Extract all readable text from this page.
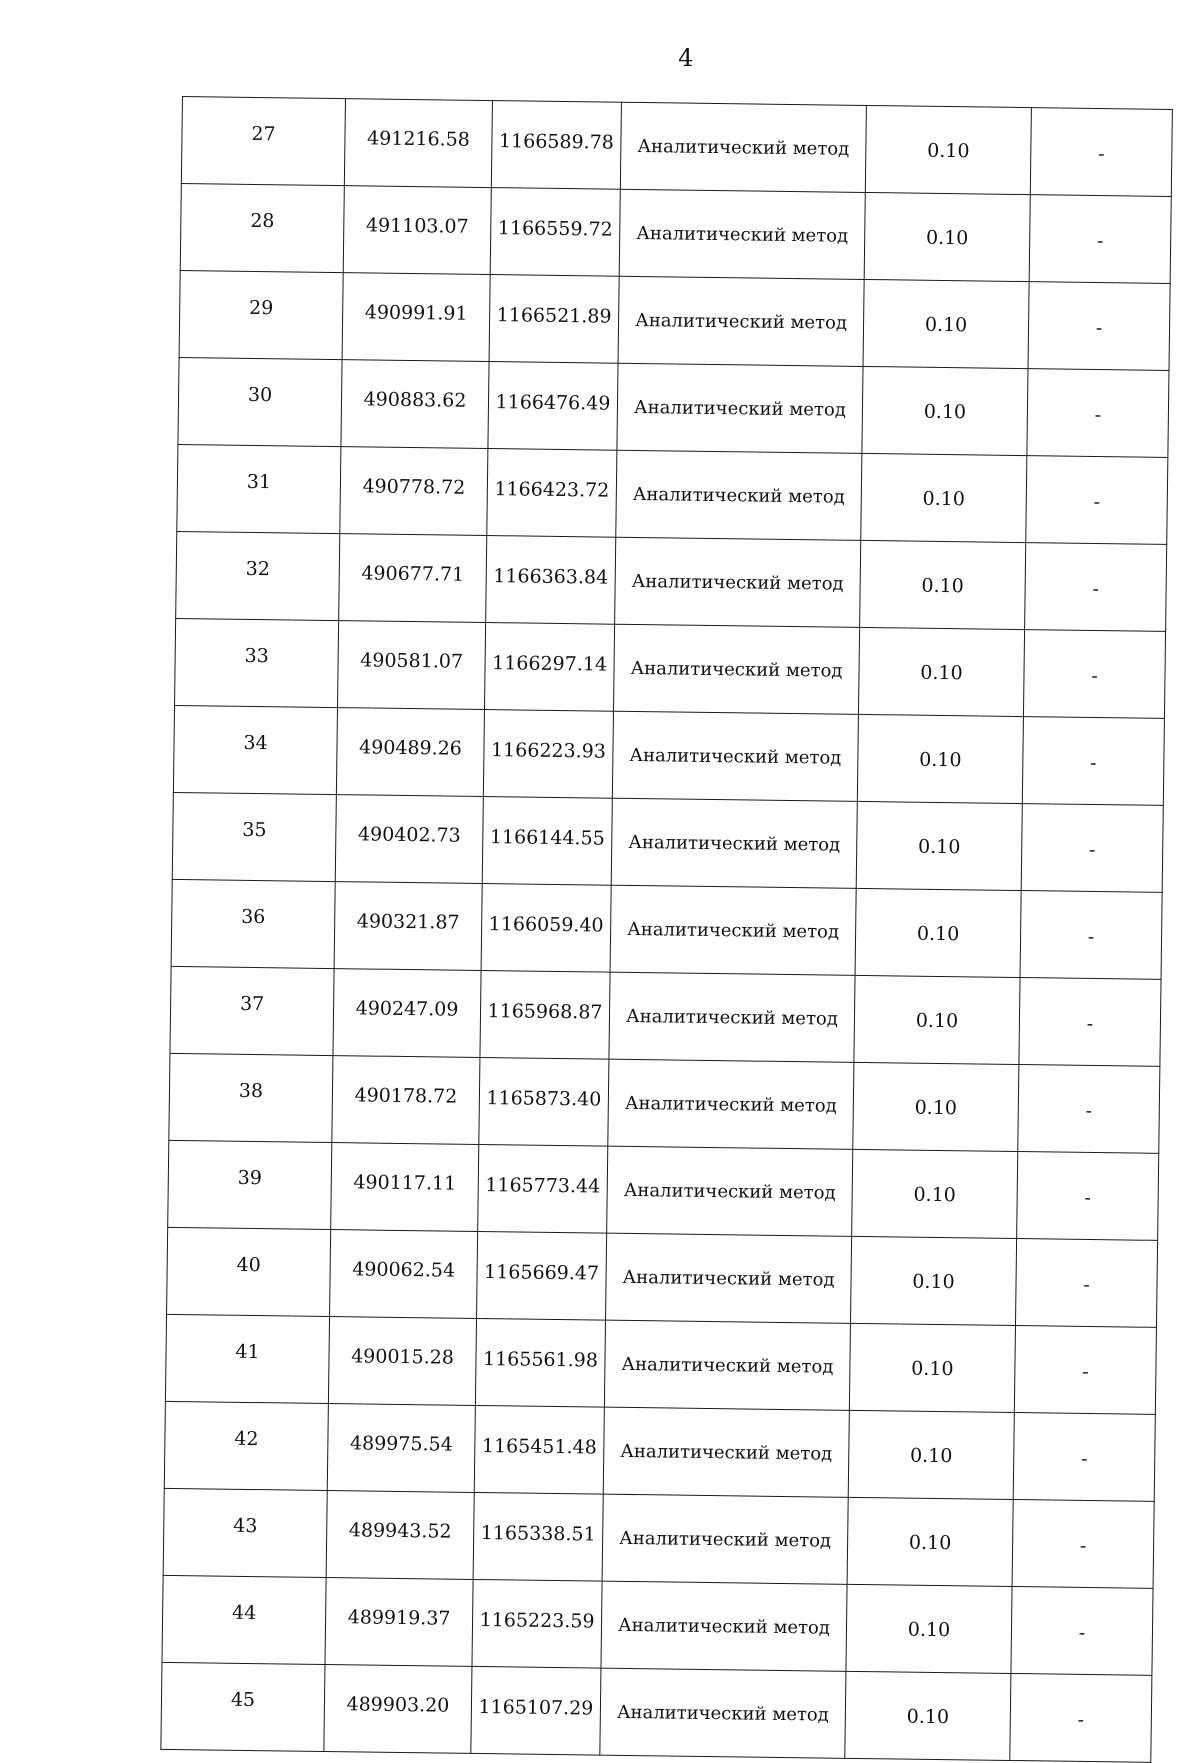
4
27	491216.58	1166589.78	Аналитический метод	0.10	-
28	491103.07	1166559.72	Аналитический метод	0.10	-
29	490991.91	1166521.89	Аналитический метод	0.10	-
30	490883.62	1166476.49	Аналитический метод	0.10	-
31	490778.72	1166423.72	Аналитический метод	0.10	-
32	490677.71	1166363.84	Аналитический метод	0.10	-
33	490581.07	1166297.14	Аналитический метод	0.10	-
34	490489.26	1166223.93	Аналитический метод	0.10	-
35	490402.73	1166144.55	Аналитический метод	0.10	-
36	490321.87	1166059.40	Аналитический метод	0.10	-
37	490247.09	1165968.87	Аналитический метод	0.10	-
38	490178.72	1165873.40	Аналитический метод	0.10	-
39	490117.11	1165773.44	Аналитический метод	0.10	-
40	490062.54	1165669.47	Аналитический метод	0.10	-
41	490015.28	1165561.98	Аналитический метод	0.10	-
42	489975.54	1165451.48	Аналитический метод	0.10	-
43	489943.52	1165338.51	Аналитический метод	0.10	-
44	489919.37	1165223.59	Аналитический метод	0.10	-
45	489903.20	1165107.29	Аналитический метод	0.10	-
